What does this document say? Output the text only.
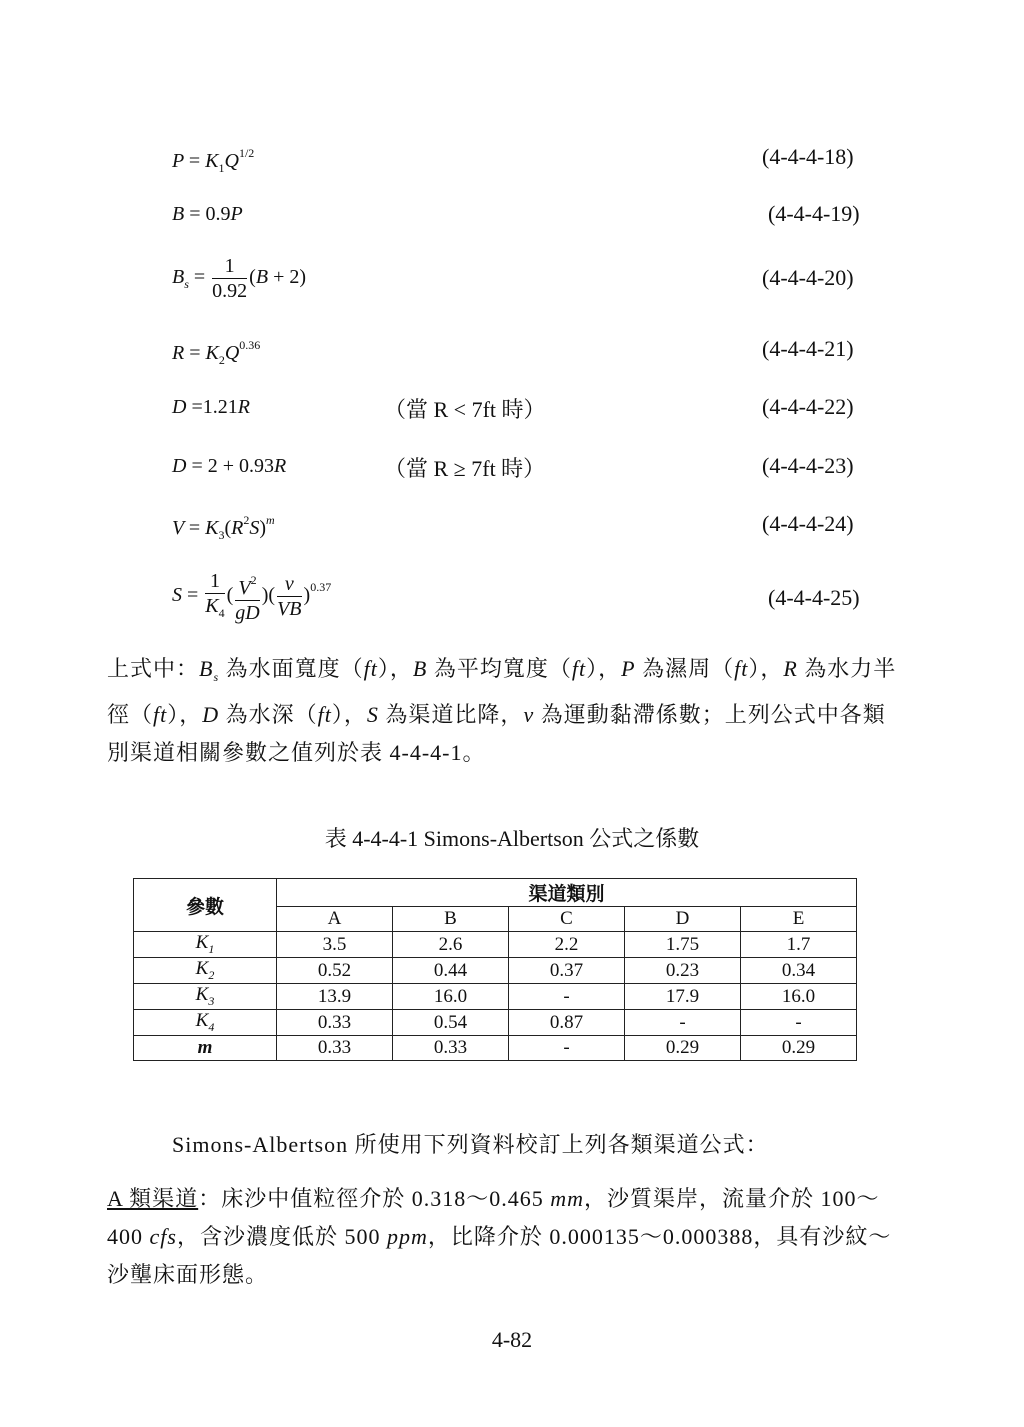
$P = K_1Q^{1/2}$	(4-4-4-18)
B = 0.9P	(4-4-4-19)
$B_s = \frac{1}{0.92} (B + 2)$	(4-4-4-20)
$R = K_2Q^{0.36}$	(4-4-4-21)
D =1.21R	（當 R < 7ft 時）	(4-4-4-22)
D = 2 + 0.93R	（當 R ≥ 7ft 時）	(4-4-4-23)
$V = K_3(R^2S)^m$	(4-4-4-24)
$S = \frac{1}{K_4}$ ( $\frac{V^2}{gD}$ )( $\frac{\nu}{VB} )^{0.37}$	(4-4-4-25)
上式中：$B_s$ 為水面寬度（ft），B 為平均寬度（ft），P 為濕周（ft），R 為水力半徑（ft），D 為水深（ft），S 為渠道比降，v 為運動黏滯係數；上列公式中各類別渠道相關參數之值列於表 4-4-4-1。
表 4-4-4-1 Simons-Albertson 公式之係數
參數	渠道類別				
	A	B	C	D	E
$K_1$	3.5	2.6	2.2	1.75	1.7
$K_2$	0.52	0.44	0.37	0.23	0.34
$K_3$	13.9	16.0	-	17.9	16.0
$K_4$	0.33	0.54	0.87	-	-
m	0.33	0.33	-	0.29	0.29
Simons-Albertson 所使用下列資料校訂上列各類渠道公式：
A 類渠道：床沙中值粒徑介於 0.318～0.465 mm，沙質渠岸，流量介於 100～400 cfs，含沙濃度低於 500 ppm，比降介於 0.000135～0.000388，具有沙紋～沙壟床面形態。
4-82
